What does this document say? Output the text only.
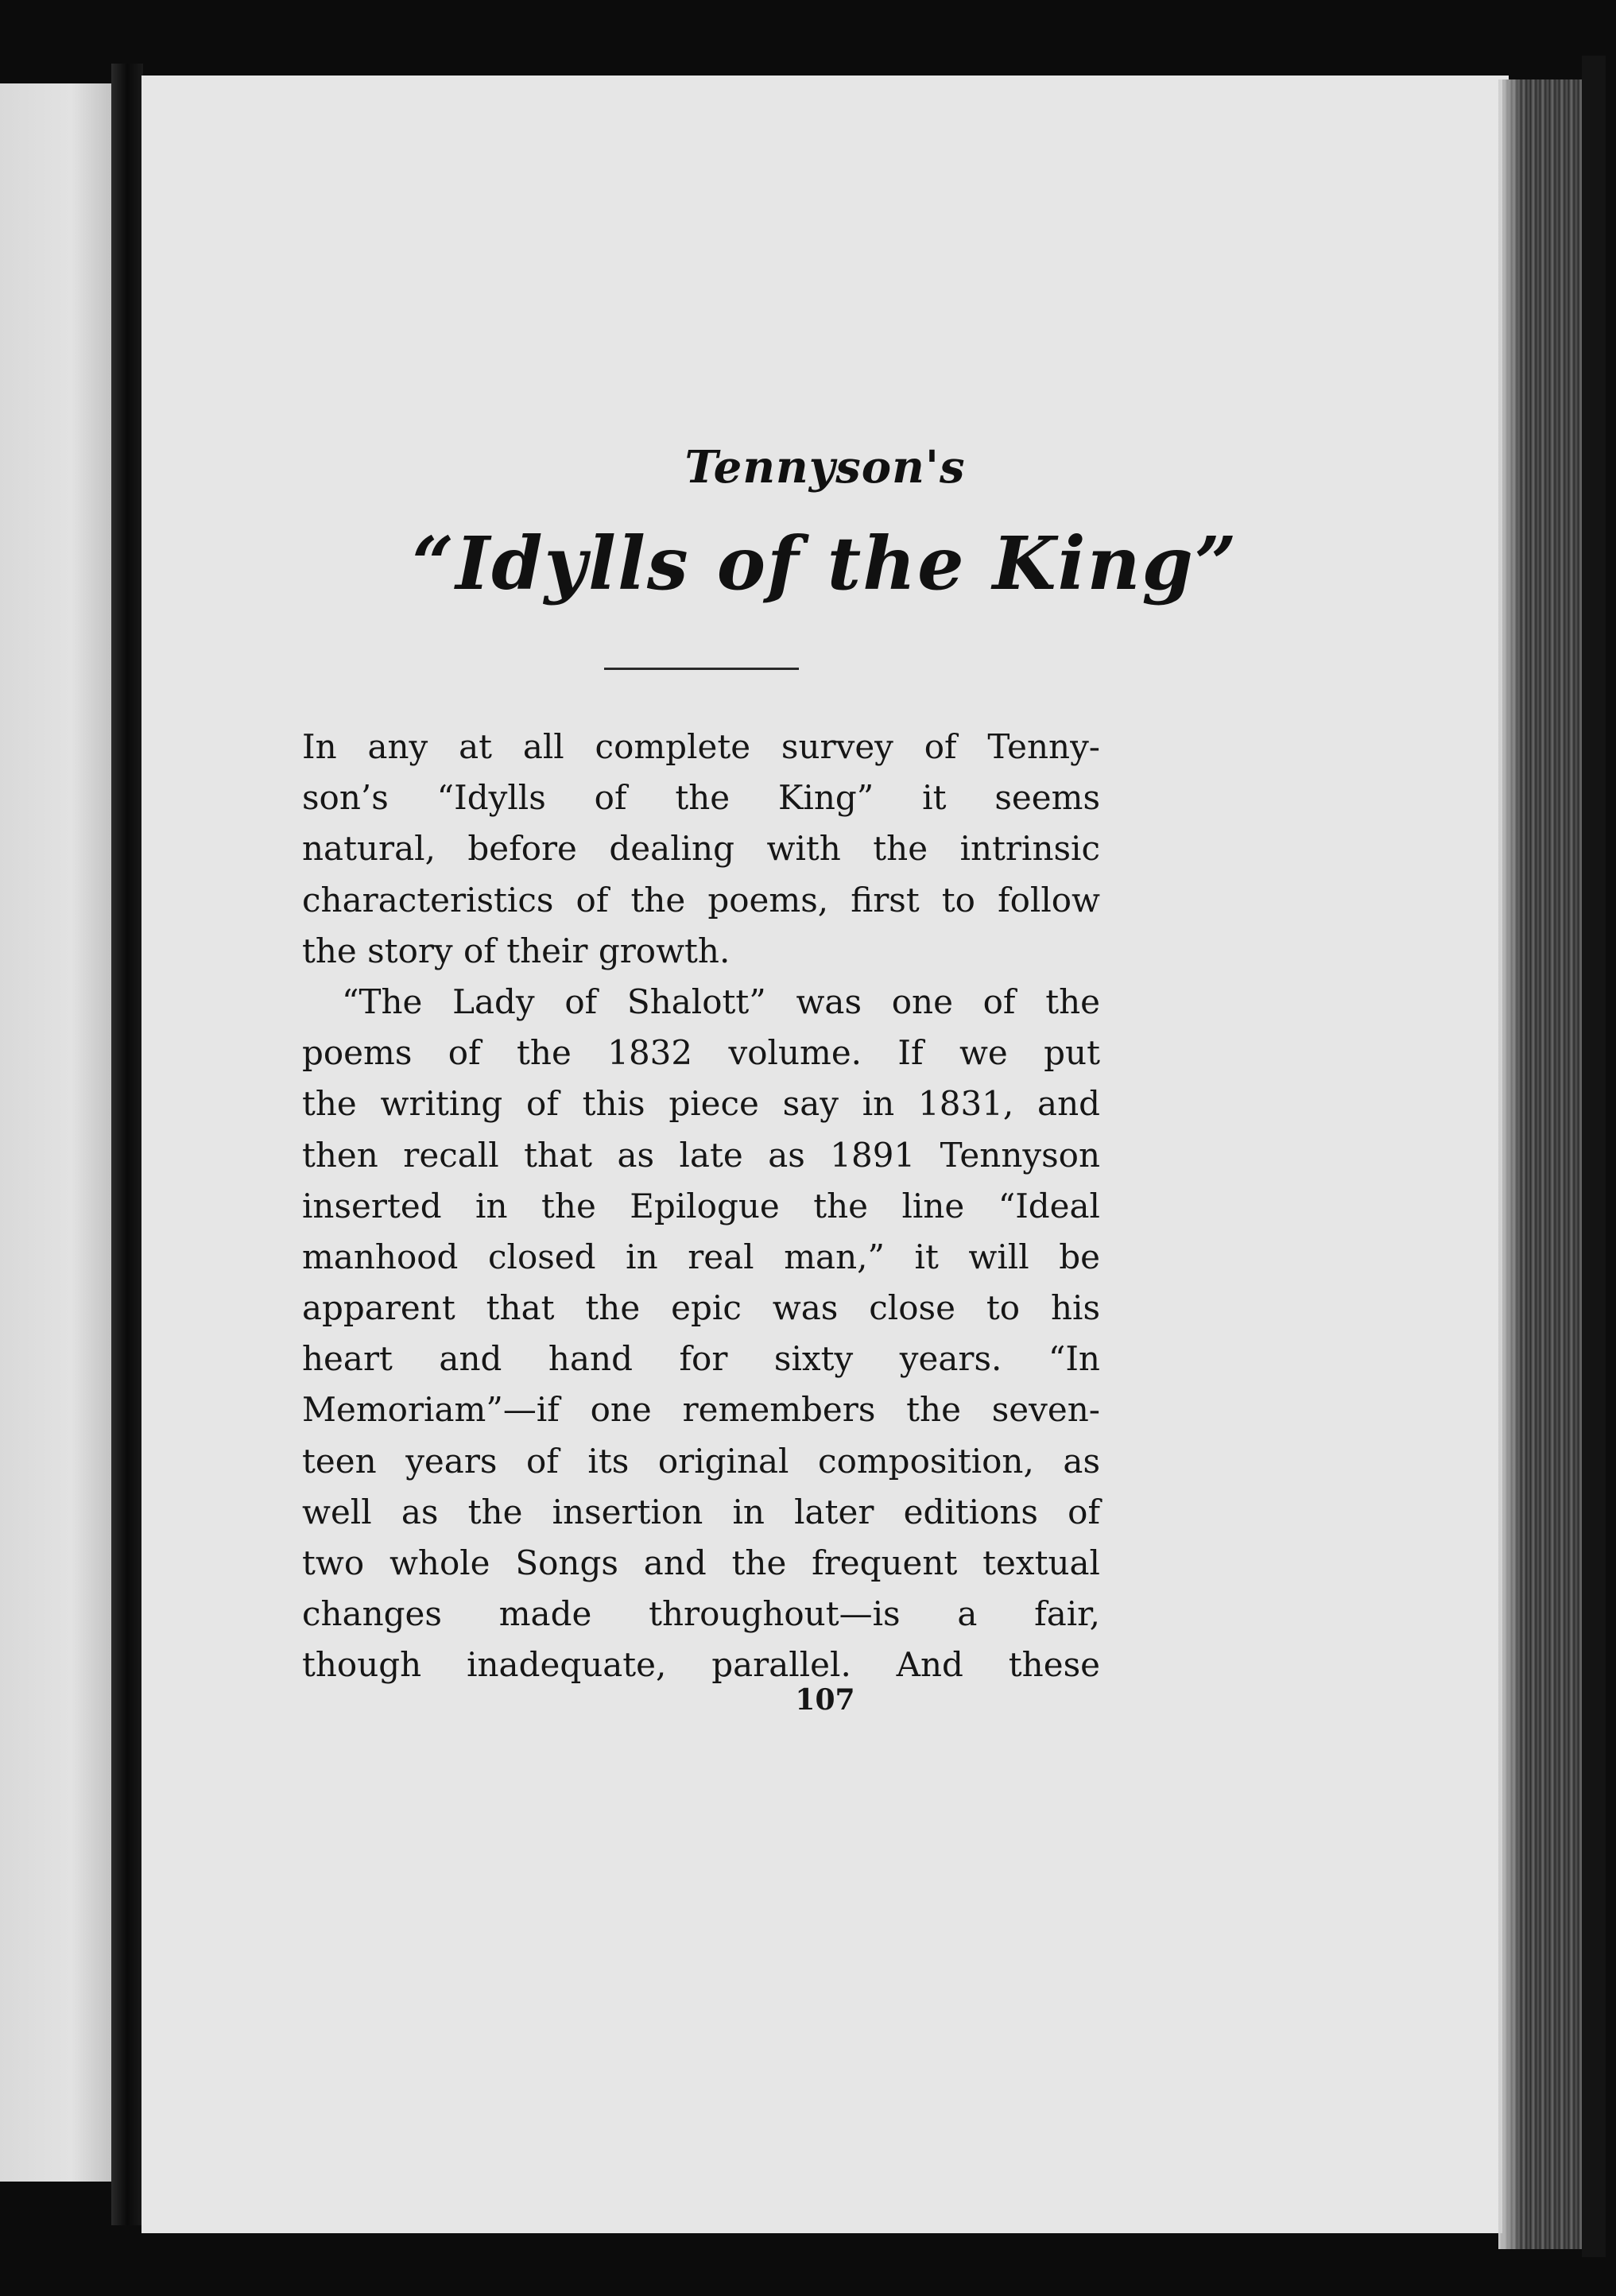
Tennyson's
“Idylls of the King”
In any at all complete survey of Tenny-
son’s “Idylls of the King” it seems
natural, before dealing with the intrinsic
characteristics of the poems, first to follow
the story of their growth.
“The Lady of Shalott” was one of the
poems of the 1832 volume. If we put
the writing of this piece say in 1831, and
then recall that as late as 1891 Tennyson
inserted in the Epilogue the line “Ideal
manhood closed in real man,” it will be
apparent that the epic was close to his
heart and hand for sixty years. “In
Memoriam”—if one remembers the seven-
teen years of its original composition, as
well as the insertion in later editions of
two whole Songs and the frequent textual
changes made throughout—is a fair,
though inadequate, parallel. And these
107
